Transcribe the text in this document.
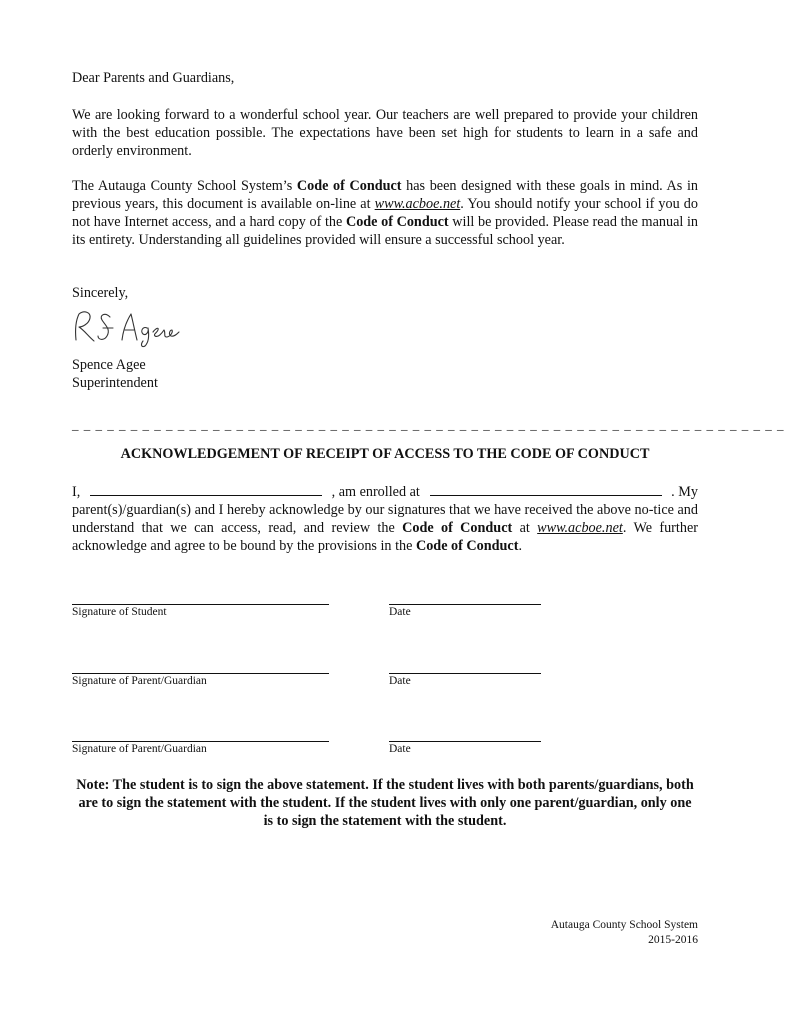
Dear Parents and Guardians,

We are looking forward to a wonderful school year. Our teachers are well prepared to provide your children with the best education possible. The expectations have been set high for students to learn in a safe and orderly environment.

The Autauga County School System’s Code of Conduct has been designed with these goals in mind. As in previous years, this document is available on-line at www.acboe.net. You should notify your school if you do not have Internet access, and a hard copy of the Code of Conduct will be provided. Please read the manual in its entirety. Understanding all guidelines provided will ensure a successful school year.

Sincerely,
Spence Agee
Superintendent
_ _ _ _ _ _ _ _ _ _ _ _ _ _ _ _ _ _ _ _ _ _ _ _ _ _ _ _ _ _ _ _ _ _ _ _ _ _ _ _ _ _ _ _ _ _ _ _ _ _ _ _ _ _ _ _ _ _ _ _ _
ACKNOWLEDGEMENT OF RECEIPT OF ACCESS TO THE CODE OF CONDUCT
I,	, am enrolled at	. My

parent(s)/guardian(s) and I hereby acknowledge by our signatures that we have received the above no-tice and understand that we can access, read, and review the Code of Conduct at www.acboe.net. We further acknowledge and agree to be bound by the provisions in the Code of Conduct.

Signature of Student	Date
Signature of Parent/Guardian	Date
Signature of Parent/Guardian	Date
Note: The student is to sign the above statement. If the student lives with both parents/guardians, both are to sign the statement with the student. If the student lives with only one parent/guardian, only one is to sign the statement with the student.
Autauga County School System
2015-2016
